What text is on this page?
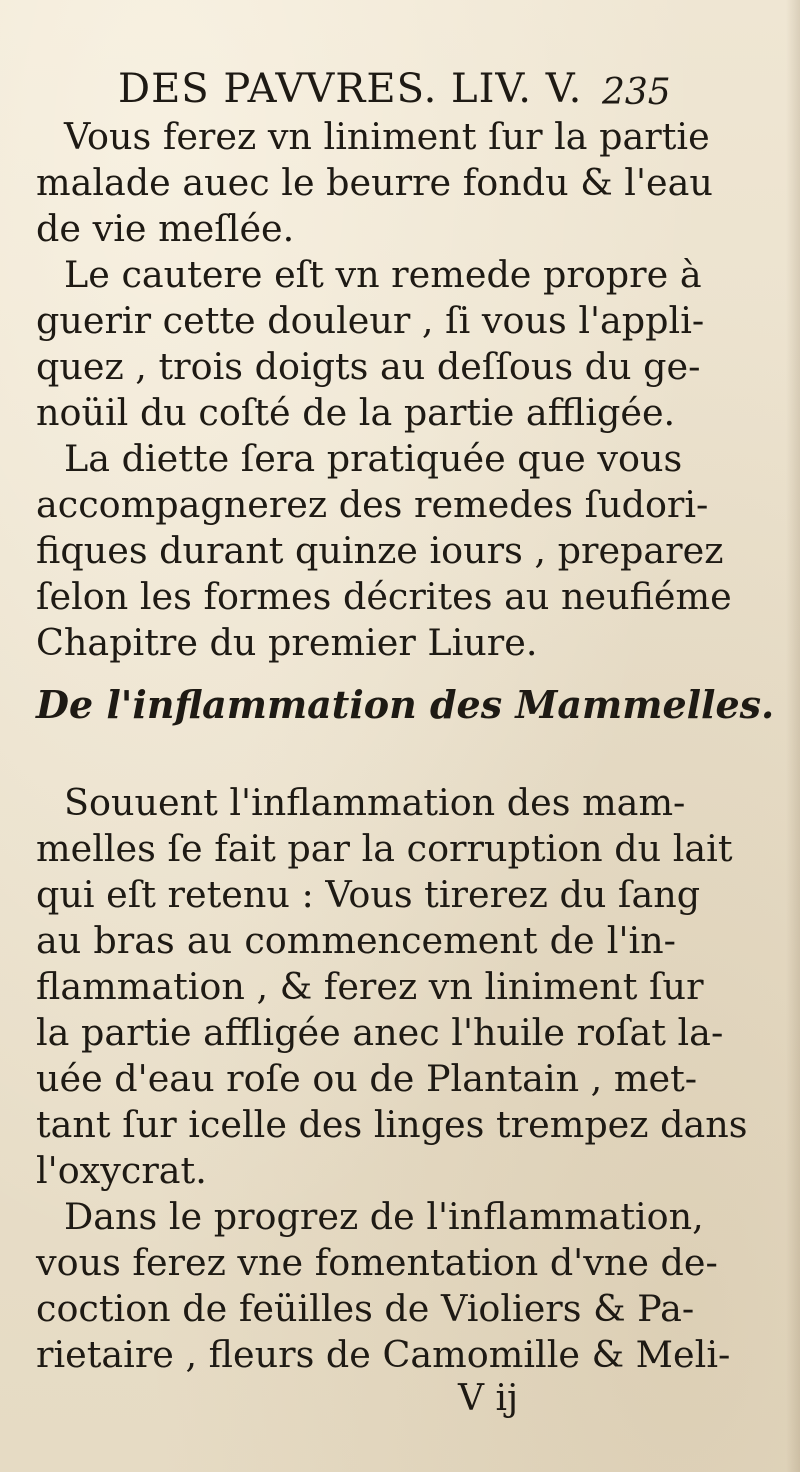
DES PAVVRES. LIV. V. 235
Vous ferez vn liniment ſur la partie
malade auec le beurre fondu & l'eau
de vie meſlée.
Le cautere eſt vn remede propre à
guerir cette douleur , ſi vous l'appli-
quez , trois doigts au deſſous du ge-
noüil du coſté de la partie affligée.
La diette ſera pratiquée que vous
accompagnerez des remedes ſudori-
fiques durant quinze iours , preparez
ſelon les formes décrites au neufiéme
Chapitre du premier Liure.
De l'inflammation des Mammelles.
Souuent l'inflammation des mam-
melles ſe fait par la corruption du lait
qui eſt retenu : Vous tirerez du ſang
au bras au commencement de l'in-
flammation , & ferez vn liniment ſur
la partie affligée anec l'huile roſat la-
uée d'eau roſe ou de Plantain , met-
tant ſur icelle des linges trempez dans
l'oxycrat.
Dans le progrez de l'inflammation,
vous ferez vne fomentation d'vne de-
coction de feüilles de Violiers & Pa-
rietaire , fleurs de Camomille & Meli-
V ij
